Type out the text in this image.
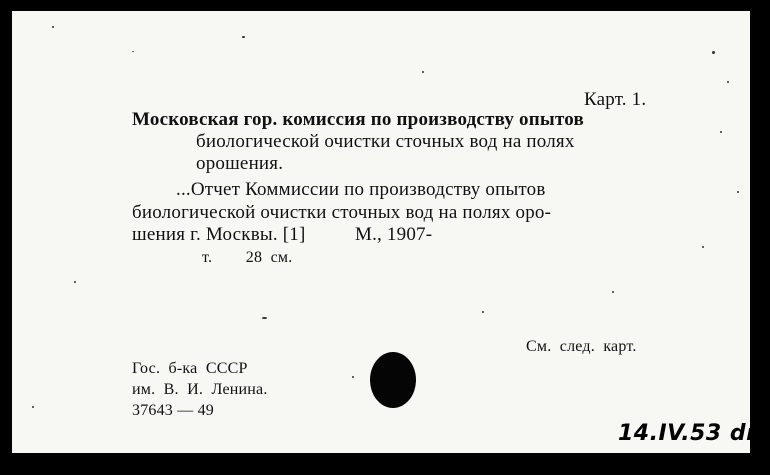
Карт. 1.
Московская гор. комиссия по производству опытов
биологической очистки сточных вод на полях
орошения.
...Отчет Коммиссии по производству опытов
биологической очистки сточных вод на полях оро-
шения г. Москвы. [1]          М., 1907-
т.        28  см.
См.  след.  карт.
Гос.  б-ка  СССР
им.  В.  И.  Ленина.
37643 — 49
14.IV.53 dm
